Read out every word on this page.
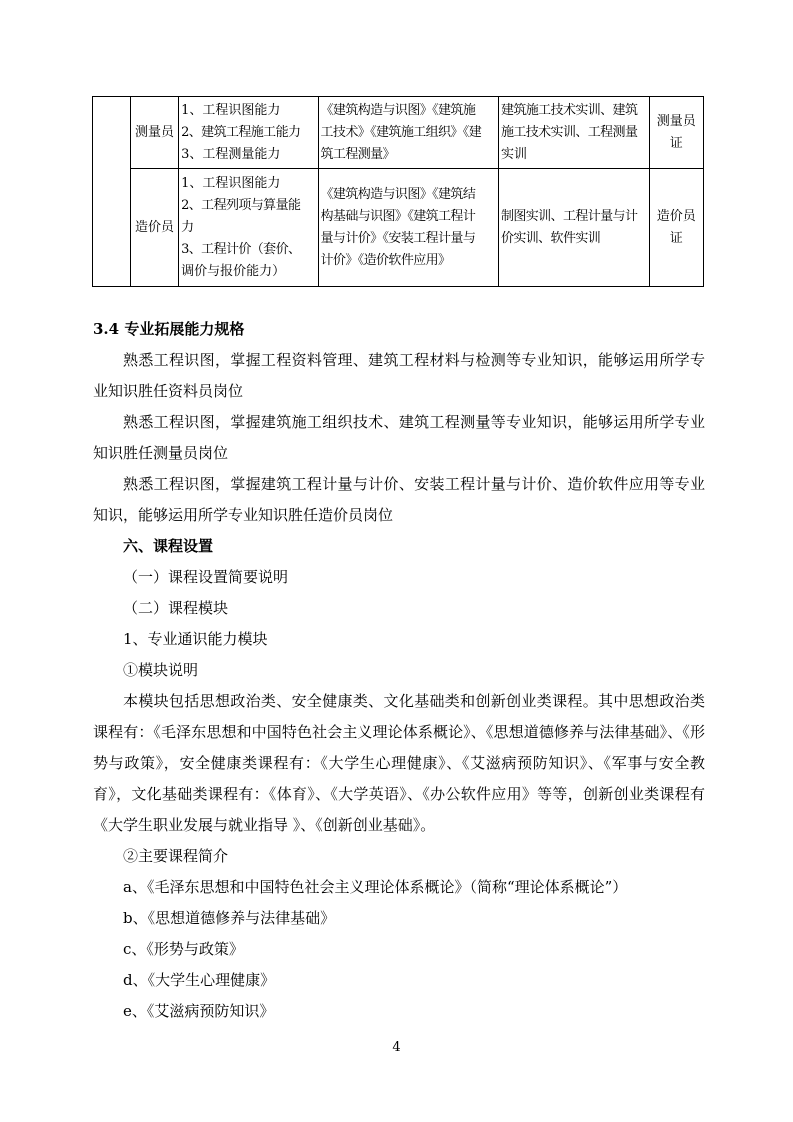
	测量员	1、工程识图能力
2、建筑工程施工能力
3、工程测量能力	《建筑构造与识图》《建筑施
工技术》《建筑施工组织》《建
筑工程测量》	建筑施工技术实训、建筑
施工技术实训、工程测量
实训	测量员
证

	造价员	1、工程识图能力
2、工程列项与算量能
力
3、工程计价（套价、
调价与报价能力）	《建筑构造与识图》《建筑结
构基础与识图》《建筑工程计
量与计价》《安装工程计量与
计价》《造价软件应用》	制图实训、工程计量与计
价实训、软件实训	造价员
证

3.4 专业拓展能力规格

熟悉工程识图，掌握工程资料管理、建筑工程材料与检测等专业知识，能够运用所学专业知识胜任资料员岗位

熟悉工程识图，掌握建筑施工组织技术、建筑工程测量等专业知识，能够运用所学专业知识胜任测量员岗位

熟悉工程识图，掌握建筑工程计量与计价、安装工程计量与计价、造价软件应用等专业知识，能够运用所学专业知识胜任造价员岗位

六、课程设置

（一）课程设置简要说明

（二）课程模块

1、专业通识能力模块

①模块说明

本模块包括思想政治类、安全健康类、文化基础类和创新创业类课程。其中思想政治类课程有：《毛泽东思想和中国特色社会主义理论体系概论》、《思想道德修养与法律基础》、《形势与政策》，安全健康类课程有：《大学生心理健康》、《艾滋病预防知识》、《军事与安全教育》，文化基础类课程有：《体育》、《大学英语》、《办公软件应用》等等，创新创业类课程有《大学生职业发展与就业指导 》、《创新创业基础》。

②主要课程简介

a、《毛泽东思想和中国特色社会主义理论体系概论》（简称“理论体系概论”）

b、《思想道德修养与法律基础》

c、《形势与政策》

d、《大学生心理健康》

e、《艾滋病预防知识》

4
